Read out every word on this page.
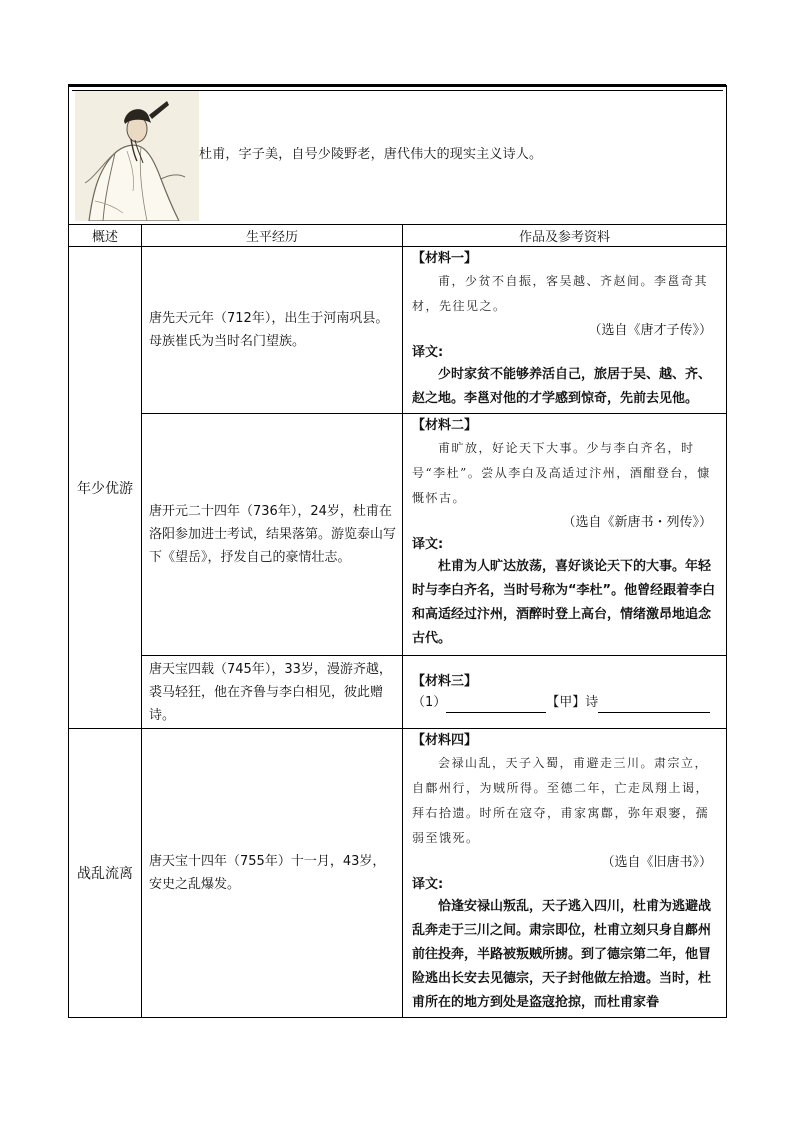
杜甫，字子美，自号少陵野老，唐代伟大的现实主义诗人。		

概述	生平经历	作品及参考资料
年少优游	唐先天元年（712年），出生于河南巩县。母族崔氏为当时名门望族。	【材料一】
甫，少贫不自振，客吴越、齐赵间。李邕奇其材，先往见之。
（选自《唐才子传》）
译文:
少时家贫不能够养活自己，旅居于吴、越、齐、赵之地。李邕对他的才学感到惊奇，先前去见他。

	唐开元二十四年（736年），24岁，杜甫在洛阳参加进士考试，结果落第。游览泰山写下《望岳》，抒发自己的豪情壮志。	【材料二】
甫旷放，好论天下大事。少与李白齐名，时号“李杜”。尝从李白及高适过汴州，酒酣登台，慷慨怀古。
（选自《新唐书・列传》）
译文:
杜甫为人旷达放荡，喜好谈论天下的大事。年轻时与李白齐名，当时号称为“李杜”。他曾经跟着李白和高适经过汴州，酒醉时登上高台，情绪激昂地追念古代。

	唐天宝四载（745年），33岁，漫游齐越，裘马轻狂，他在齐鲁与李白相见，彼此赠诗。	【材料三】
（1） 【甲】诗

战乱流离	唐天宝十四年（755年）十一月，43岁，安史之乱爆发。	【材料四】
会禄山乱，天子入蜀，甫避走三川。肃宗立，自鄜州行，为贼所得。至德二年，亡走凤翔上谒，拜右拾遗。时所在寇夺，甫家寓鄜，弥年艰窭，孺弱至饿死。
（选自《旧唐书》）
译文:
恰逢安禄山叛乱，天子逃入四川，杜甫为逃避战乱奔走于三川之间。肃宗即位，杜甫立刻只身自鄜州前往投奔，半路被叛贼所掳。到了德宗第二年，他冒险逃出长安去见德宗，天子封他做左拾遗。当时，杜甫所在的地方到处是盗寇抢掠，而杜甫家眷
